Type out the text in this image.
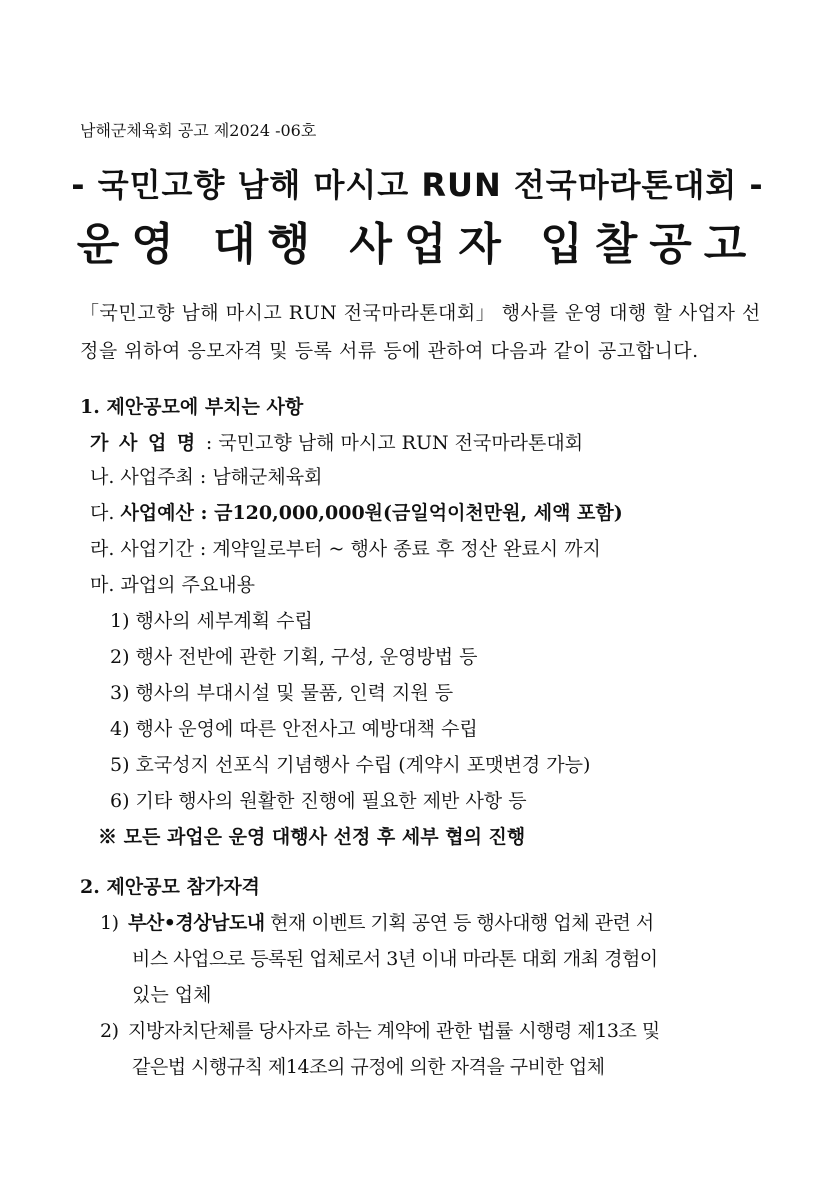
남해군체육회 공고 제2024 -06호
- 국민고향 남해 마시고 RUN 전국마라톤대회 -
운영 대행 사업자 입찰공고
「국민고향 남해 마시고 RUN 전국마라톤대회」 행사를 운영 대행 할 사업자 선
정을 위하여 응모자격 및 등록 서류 등에 관하여 다음과 같이 공고합니다.
1. 제안공모에 부치는 사항
가 사 업 명 : 국민고향 남해 마시고 RUN 전국마라톤대회
나. 사업주최 : 남해군체육회
다. 사업예산 : 금120,000,000원(금일억이천만원, 세액 포함)
라. 사업기간 : 계약일로부터 ~ 행사 종료 후 정산 완료시 까지
마. 과업의 주요내용
1) 행사의 세부계획 수립
2) 행사 전반에 관한 기획, 구성, 운영방법 등
3) 행사의 부대시설 및 물품, 인력 지원 등
4) 행사 운영에 따른 안전사고 예방대책 수립
5) 호국성지 선포식 기념행사 수립 (계약시 포맷변경 가능)
6) 기타 행사의 원활한 진행에 필요한 제반 사항 등
※ 모든 과업은 운영 대행사 선정 후 세부 협의 진행
2. 제안공모 참가자격
1) 부산•경상남도내 현재 이벤트 기획 공연 등 행사대행 업체 관련 서
비스 사업으로 등록된 업체로서 3년 이내 마라톤 대회 개최 경험이
있는 업체
2) 지방자치단체를 당사자로 하는 계약에 관한 법률 시행령 제13조 및
같은법 시행규칙 제14조의 규정에 의한 자격을 구비한 업체
